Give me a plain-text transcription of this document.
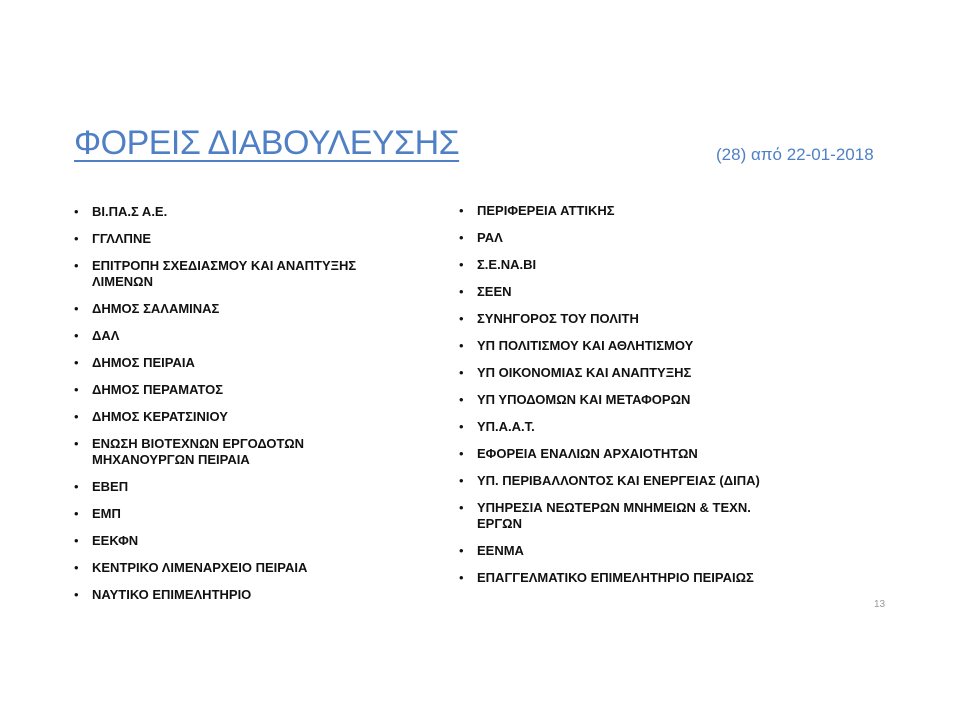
ΦΟΡΕΙΣ ΔΙΑΒΟΥΛΕΥΣΗΣ	(28) από 22-01-2018
• ΒΙ.ΠΑ.Σ Α.Ε.
• ΓΓΛΛΠΝΕ
• ΕΠΙΤΡΟΠΗ ΣΧΕΔΙΑΣΜΟΥ ΚΑΙ ΑΝΑΠΤΥΞΗΣ ΛΙΜΕΝΩΝ
• ΔΗΜΟΣ ΣΑΛΑΜΙΝΑΣ
• ΔΑΛ
• ΔΗΜΟΣ ΠΕΙΡΑΙΑ
• ΔΗΜΟΣ ΠΕΡΑΜΑΤΟΣ
• ΔΗΜΟΣ ΚΕΡΑΤΣΙΝΙΟΥ
• ΕΝΩΣΗ ΒΙΟΤΕΧΝΩΝ ΕΡΓΟΔΟΤΩΝ ΜΗΧΑΝΟΥΡΓΩΝ ΠΕΙΡΑΙΑ
• ΕΒΕΠ
• ΕΜΠ
• ΕΕΚΦΝ
• ΚΕΝΤΡΙΚΟ ΛΙΜΕΝΑΡΧΕΙΟ ΠΕΙΡΑΙΑ
• ΝΑΥΤΙΚΟ ΕΠΙΜΕΛΗΤΗΡΙΟ
• ΠΕΡΙΦΕΡΕΙΑ ΑΤΤΙΚΗΣ
• ΡΑΛ
• Σ.Ε.ΝΑ.ΒΙ
• ΣΕΕΝ
• ΣΥΝΗΓΟΡΟΣ ΤΟΥ ΠΟΛΙΤΗ
• ΥΠ ΠΟΛΙΤΙΣΜΟΥ ΚΑΙ ΑΘΛΗΤΙΣΜΟΥ
• ΥΠ ΟΙΚΟΝΟΜΙΑΣ ΚΑΙ ΑΝΑΠΤΥΞΗΣ
• ΥΠ ΥΠΟΔΟΜΩΝ ΚΑΙ ΜΕΤΑΦΟΡΩΝ
• ΥΠ.Α.Α.Τ.
• ΕΦΟΡΕΙΑ ΕΝΑΛΙΩΝ ΑΡΧΑΙΟΤΗΤΩΝ
• ΥΠ. ΠΕΡΙΒΑΛΛΟΝΤΟΣ ΚΑΙ ΕΝΕΡΓΕΙΑΣ (ΔΙΠΑ)
• ΥΠΗΡΕΣΙΑ ΝΕΩΤΕΡΩΝ ΜΝΗΜΕΙΩΝ & ΤΕΧΝ. ΕΡΓΩΝ
• ΕΕΝΜΑ
• ΕΠΑΓΓΕΛΜΑΤΙΚΟ ΕΠΙΜΕΛΗΤΗΡΙΟ ΠΕΙΡΑΙΩΣ
13
